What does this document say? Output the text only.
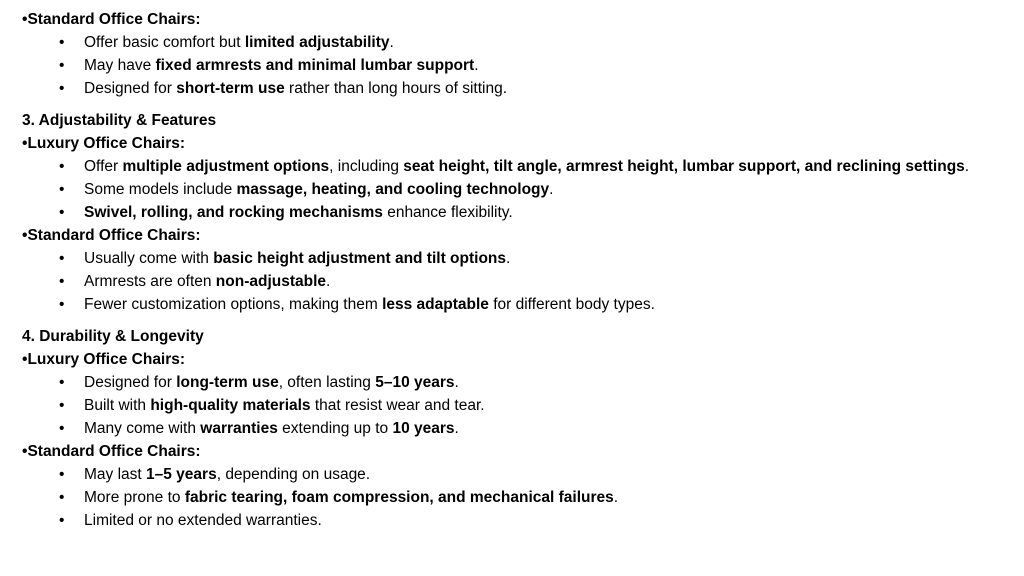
• Standard Office Chairs:
• Offer basic comfort but limited adjustability.
• May have fixed armrests and minimal lumbar support.
• Designed for short-term use rather than long hours of sitting.
3. Adjustability & Features
• Luxury Office Chairs:
• Offer multiple adjustment options, including seat height, tilt angle, armrest height, lumbar support, and reclining settings.
• Some models include massage, heating, and cooling technology.
• Swivel, rolling, and rocking mechanisms enhance flexibility.
• Standard Office Chairs:
• Usually come with basic height adjustment and tilt options.
• Armrests are often non-adjustable.
• Fewer customization options, making them less adaptable for different body types.
4. Durability & Longevity
• Luxury Office Chairs:
• Designed for long-term use, often lasting 5–10 years.
• Built with high-quality materials that resist wear and tear.
• Many come with warranties extending up to 10 years.
• Standard Office Chairs:
• May last 1–5 years, depending on usage.
• More prone to fabric tearing, foam compression, and mechanical failures.
• Limited or no extended warranties.
